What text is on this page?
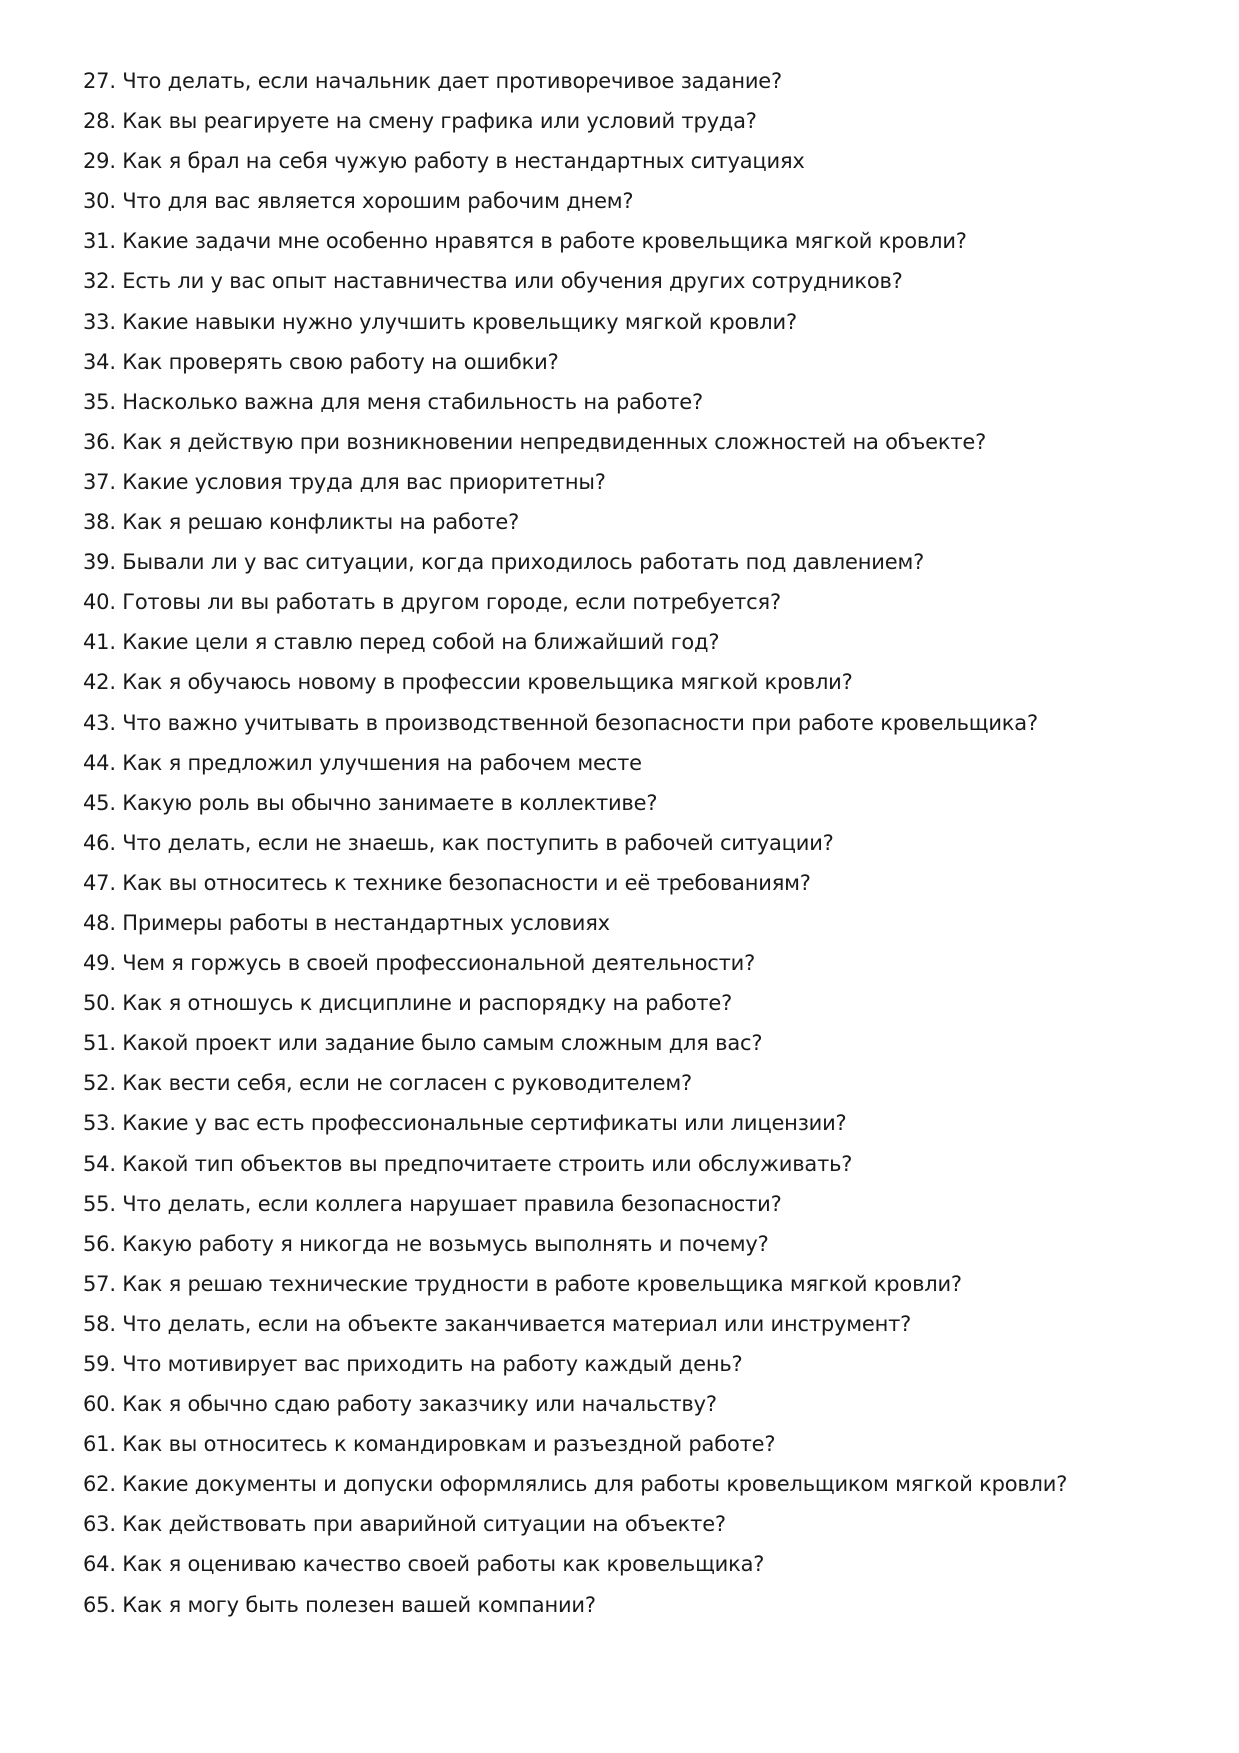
27. Что делать, если начальник дает противоречивое задание?
28. Как вы реагируете на смену графика или условий труда?
29. Как я брал на себя чужую работу в нестандартных ситуациях
30. Что для вас является хорошим рабочим днем?
31. Какие задачи мне особенно нравятся в работе кровельщика мягкой кровли?
32. Есть ли у вас опыт наставничества или обучения других сотрудников?
33. Какие навыки нужно улучшить кровельщику мягкой кровли?
34. Как проверять свою работу на ошибки?
35. Насколько важна для меня стабильность на работе?
36. Как я действую при возникновении непредвиденных сложностей на объекте?
37. Какие условия труда для вас приоритетны?
38. Как я решаю конфликты на работе?
39. Бывали ли у вас ситуации, когда приходилось работать под давлением?
40. Готовы ли вы работать в другом городе, если потребуется?
41. Какие цели я ставлю перед собой на ближайший год?
42. Как я обучаюсь новому в профессии кровельщика мягкой кровли?
43. Что важно учитывать в производственной безопасности при работе кровельщика?
44. Как я предложил улучшения на рабочем месте
45. Какую роль вы обычно занимаете в коллективе?
46. Что делать, если не знаешь, как поступить в рабочей ситуации?
47. Как вы относитесь к технике безопасности и её требованиям?
48. Примеры работы в нестандартных условиях
49. Чем я горжусь в своей профессиональной деятельности?
50. Как я отношусь к дисциплине и распорядку на работе?
51. Какой проект или задание было самым сложным для вас?
52. Как вести себя, если не согласен с руководителем?
53. Какие у вас есть профессиональные сертификаты или лицензии?
54. Какой тип объектов вы предпочитаете строить или обслуживать?
55. Что делать, если коллега нарушает правила безопасности?
56. Какую работу я никогда не возьмусь выполнять и почему?
57. Как я решаю технические трудности в работе кровельщика мягкой кровли?
58. Что делать, если на объекте заканчивается материал или инструмент?
59. Что мотивирует вас приходить на работу каждый день?
60. Как я обычно сдаю работу заказчику или начальству?
61. Как вы относитесь к командировкам и разъездной работе?
62. Какие документы и допуски оформлялись для работы кровельщиком мягкой кровли?
63. Как действовать при аварийной ситуации на объекте?
64. Как я оцениваю качество своей работы как кровельщика?
65. Как я могу быть полезен вашей компании?
